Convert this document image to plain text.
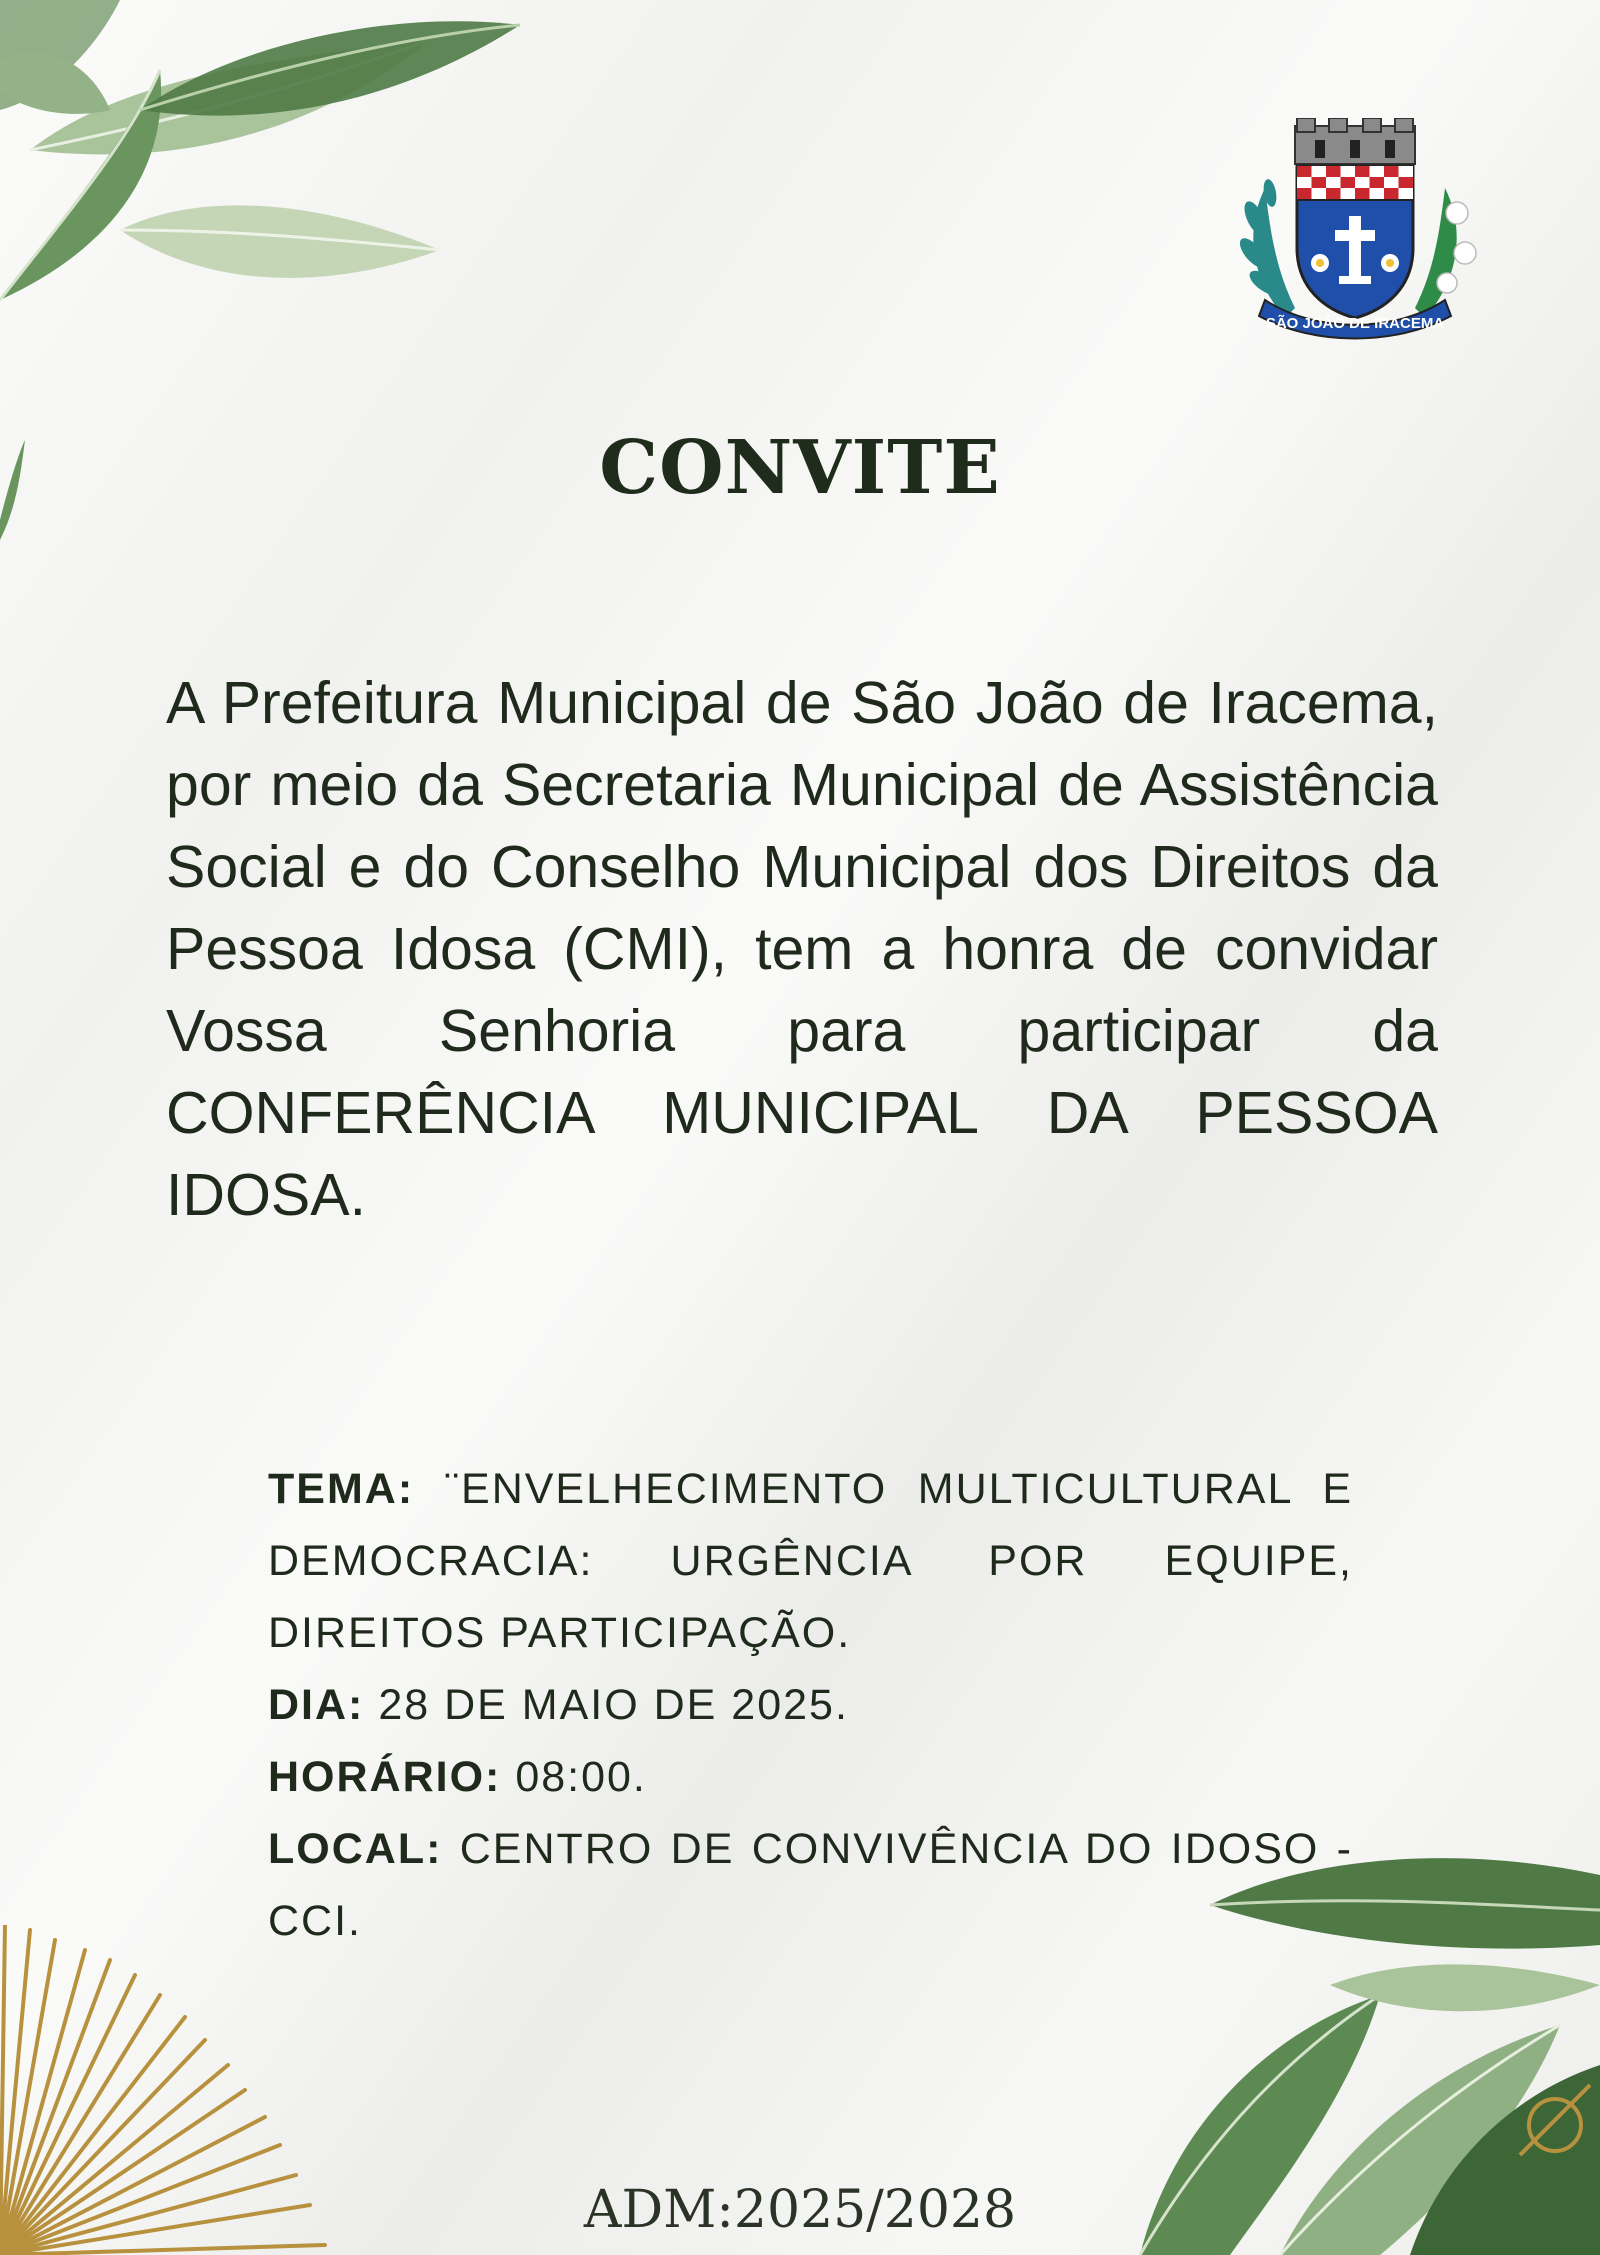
SÃO JOÃO DE IRACEMA
CONVITE
A Prefeitura Municipal de São João de Iracema, por meio da Secretaria Municipal de Assistência Social e do Conselho Municipal dos Direitos da Pessoa Idosa (CMI), tem a honra de convidar Vossa Senhoria para participar da CONFERÊNCIA MUNICIPAL DA PESSOA IDOSA.
TEMA: ¨ENVELHECIMENTO MULTICULTURAL E DEMOCRACIA: URGÊNCIA POR EQUIPE, DIREITOS PARTICIPAÇÃO.
DIA: 28 DE MAIO DE 2025.
HORÁRIO: 08:00.
LOCAL: CENTRO DE CONVIVÊNCIA DO IDOSO -CCI.
ADM:2025/2028
